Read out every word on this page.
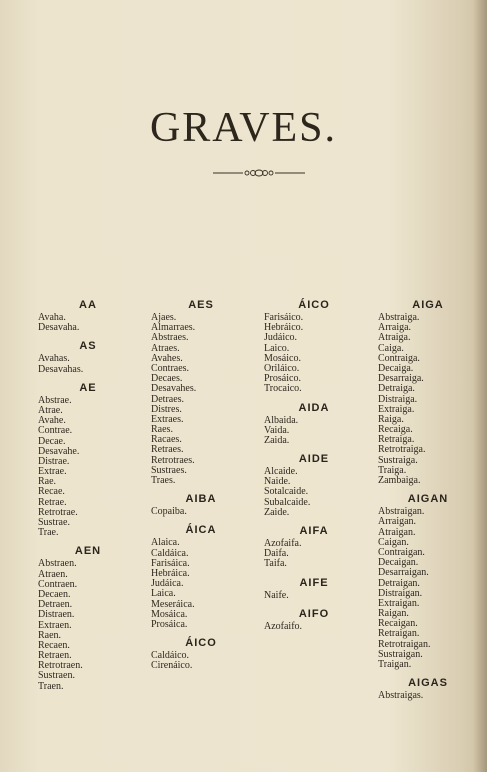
GRAVES.
AA
Avaha.
Desavaha.
AS
Avahas.
Desavahas.
AE
Abstrae.
Atrae.
Avahe.
Contrae.
Decae.
Desavahe.
Distrae.
Extrae.
Rae.
Recae.
Retrae.
Retrotrae.
Sustrae.
Trae.
AEN
Abstraen.
Atraen.
Contraen.
Decaen.
Detraen.
Distraen.
Extraen.
Raen.
Recaen.
Retraen.
Retrotraen.
Sustraen.
Traen.
AES
Ajaes.
Almarraes.
Abstraes.
Atraes.
Avahes.
Contraes.
Decaes.
Desavahes.
Detraes.
Distres.
Extraes.
Raes.
Racaes.
Retraes.
Retrotraes.
Sustraes.
Traes.
AIBA
Copaiba.
ÁICA
Alaica.
Caldáica.
Farisáica.
Hebráica.
Judáica.
Laica.
Meseráica.
Mosáica.
Prosáica.
ÁICO
Caldáico.
Cirenáico.
ÁICO
Farisáico.
Hebráico.
Judáico.
Laico.
Mosáico.
Oriláico.
Prosáico.
Trocaico.
AIDA
Albaida.
Vaida.
Zaida.
AIDE
Alcaide.
Naide.
Sotalcaide.
Subalcaide.
Zaide.
AIFA
Azofaifa.
Daifa.
Taifa.
AIFE
Naife.
AIFO
Azofaifo.
AIGA
Abstraiga.
Arraiga.
Atraiga.
Caiga.
Contraiga.
Decaiga.
Desarraiga.
Detraiga.
Distraiga.
Extraiga.
Raiga.
Recaiga.
Retraiga.
Retrotraiga.
Sustraiga.
Traiga.
Zambaiga.
AIGAN
Abstraigan.
Arraigan.
Atraigan.
Caigan.
Contraigan.
Decaigan.
Desarraigan.
Detraigan.
Distraigan.
Extraigan.
Raigan.
Recaigan.
Retraigan.
Retrotraigan.
Sustraigan.
Traigan.
AIGAS
Abstraigas.
